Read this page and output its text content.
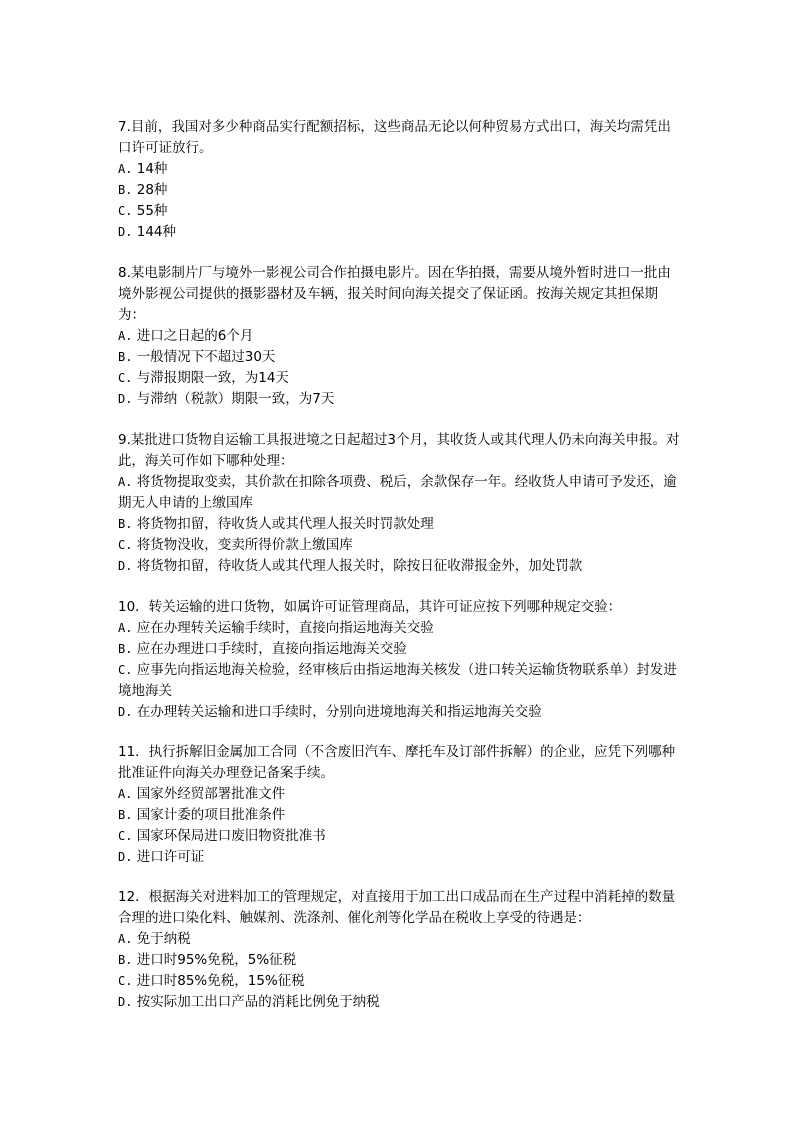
7.目前，我国对多少种商品实行配额招标，这些商品无论以何种贸易方式出口，海关均需凭出口许可证放行。

A. 14种
B. 28种
C. 55种
D. 144种

8.某电影制片厂与境外一影视公司合作拍摄电影片。因在华拍摄，需要从境外暂时进口一批由境外影视公司提供的摄影器材及车辆，报关时间向海关提交了保证函。按海关规定其担保期为：

A. 进口之日起的6个月
B. 一般情况下不超过30天
C. 与滞报期限一致，为14天
D. 与滞纳（税款）期限一致，为7天

9.某批进口货物自运输工具报进境之日起超过3个月，其收货人或其代理人仍未向海关申报。对此，海关可作如下哪种处理：

A. 将货物提取变卖，其价款在扣除各项费、税后，余款保存一年。经收货人申请可予发还，逾期无人申请的上缴国库
B. 将货物扣留，待收货人或其代理人报关时罚款处理
C. 将货物没收，变卖所得价款上缴国库
D. 将货物扣留，待收货人或其代理人报关时，除按日征收滞报金外，加处罚款

10．转关运输的进口货物，如属许可证管理商品，其许可证应按下列哪种规定交验：

A. 应在办理转关运输手续时，直接向指运地海关交验
B. 应在办理进口手续时，直接向指运地海关交验
C. 应事先向指运地海关检验，经审核后由指运地海关核发（进口转关运输货物联系单）封发进境地海关
D. 在办理转关运输和进口手续时，分别向进境地海关和指运地海关交验

11．执行拆解旧金属加工合同（不含废旧汽车、摩托车及订部件拆解）的企业，应凭下列哪种批准证件向海关办理登记备案手续。

A. 国家外经贸部署批准文件
B. 国家计委的项目批准条件
C. 国家环保局进口废旧物资批准书
D. 进口许可证

12．根据海关对进料加工的管理规定，对直接用于加工出口成品而在生产过程中消耗掉的数量合理的进口染化料、触媒剂、洗涤剂、催化剂等化学品在税收上享受的待遇是：

A. 免于纳税
B. 进口时95%免税，5%征税
C. 进口时85%免税，15%征税
D. 按实际加工出口产品的消耗比例免于纳税
